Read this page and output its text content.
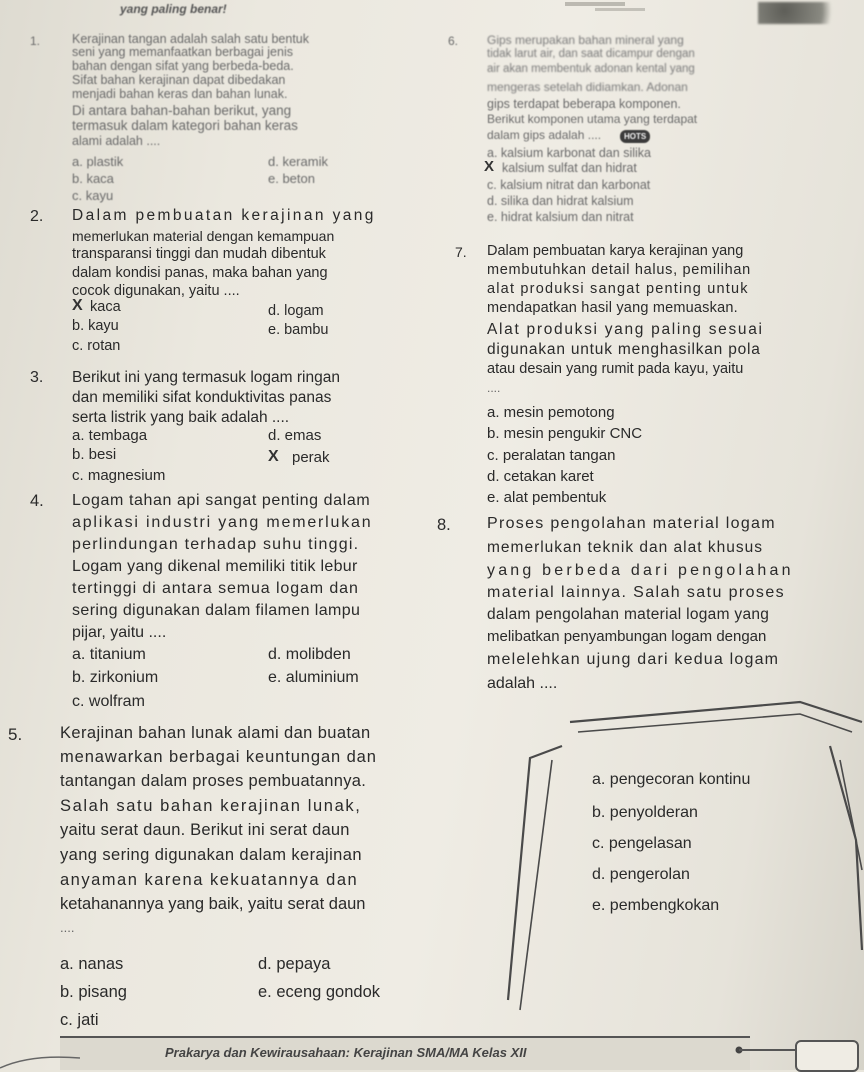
yang paling benar!
1.	Kerajinan tangan adalah salah satu bentuk
seni yang memanfaatkan berbagai jenis
bahan dengan sifat yang berbeda-beda.
Sifat bahan kerajinan dapat dibedakan
menjadi bahan keras dan bahan lunak.
Di antara bahan-bahan berikut, yang
termasuk dalam kategori bahan keras
alami adalah ....
a. plastik
b. kaca
c. kayu
d. keramik
e. beton
2. Dalam pembuatan kerajinan yang
memerlukan material dengan kemampuan
transparansi tinggi dan mudah dibentuk
dalam kondisi panas, maka bahan yang
cocok digunakan, yaitu ....
X kaca
b. kayu
c. rotan
d. logam
e. bambu
3. Berikut ini yang termasuk logam ringan
dan memiliki sifat konduktivitas panas
serta listrik yang baik adalah ....
a. tembaga
b. besi
c. magnesium
d. emas
perak
X
4. Logam tahan api sangat penting dalam
aplikasi industri yang memerlukan
perlindungan terhadap suhu tinggi.
Logam yang dikenal memiliki titik lebur
tertinggi di antara semua logam dan
sering digunakan dalam filamen lampu
pijar, yaitu ....
a. titanium
b. zirkonium
c. wolfram
d. molibden
e. aluminium
5. Kerajinan bahan lunak alami dan buatan
menawarkan berbagai keuntungan dan
tantangan dalam proses pembuatannya.
Salah satu bahan kerajinan lunak,
yaitu serat daun. Berikut ini serat daun
yang sering digunakan dalam kerajinan
anyaman karena kekuatannya dan
ketahanannya yang baik, yaitu serat daun
....
a. nanas
b. pisang
c. jati
d. pepaya
e. eceng gondok
6. Gips merupakan bahan mineral yang
tidak larut air, dan saat dicampur dengan
air akan membentuk adonan kental yang
mengeras setelah didiamkan. Adonan
gips terdapat beberapa komponen.
Berikut komponen utama yang terdapat
dalam gips adalah ....	HOTS
a. kalsium karbonat dan silika
kalsium sulfat dan hidrat
c. kalsium nitrat dan karbonat
d. silika dan hidrat kalsium
e. hidrat kalsium dan nitrat
X
7. Dalam pembuatan karya kerajinan yang
membutuhkan detail halus, pemilihan
alat produksi sangat penting untuk
mendapatkan hasil yang memuaskan.
Alat produksi yang paling sesuai
digunakan untuk menghasilkan pola
atau desain yang rumit pada kayu, yaitu
....
a. mesin pemotong
b. mesin pengukir CNC
c. peralatan tangan
d. cetakan karet
e. alat pembentuk
8. Proses pengolahan material logam
memerlukan teknik dan alat khusus
yang berbeda dari pengolahan
material lainnya. Salah satu proses
dalam pengolahan material logam yang
melibatkan penyambungan logam dengan
melelehkan ujung dari kedua logam
adalah ....
a. pengecoran kontinu
b. penyolderan
c. pengelasan
d. pengerolan
e. pembengkokan
Prakarya dan Kewirausahaan: Kerajinan SMA/MA Kelas XII
